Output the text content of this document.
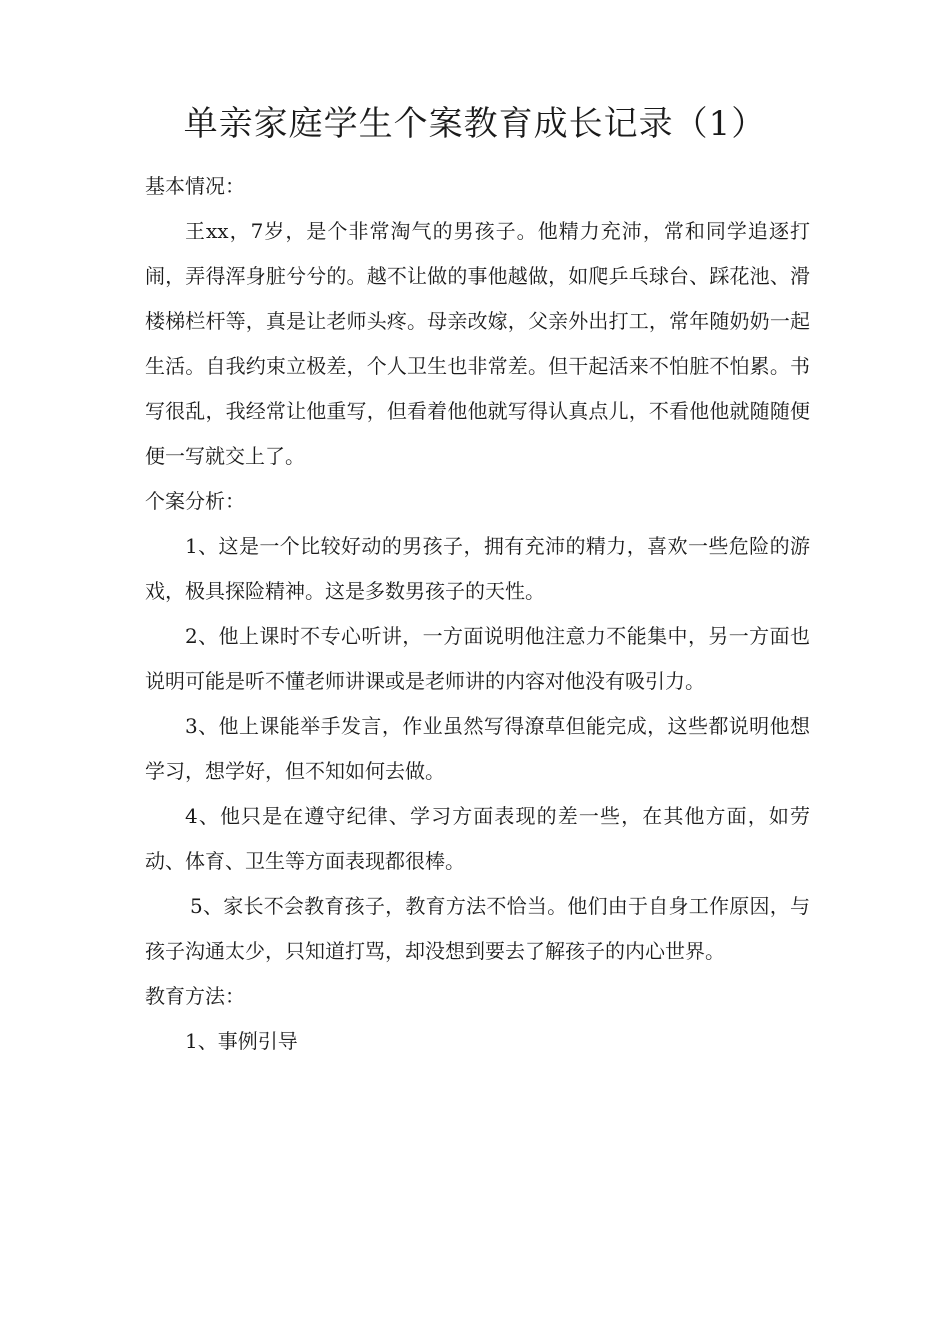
单亲家庭学生个案教育成长记录（1）

基本情况：

王xx，7岁，是个非常淘气的男孩子。他精力充沛，常和同学追逐打闹，弄得浑身脏兮兮的。越不让做的事他越做，如爬乒乓球台、踩花池、滑楼梯栏杆等，真是让老师头疼。母亲改嫁，父亲外出打工，常年随奶奶一起生活。自我约束立极差，个人卫生也非常差。但干起活来不怕脏不怕累。书写很乱，我经常让他重写，但看着他他就写得认真点儿，不看他他就随随便便一写就交上了。

个案分析：

1、这是一个比较好动的男孩子，拥有充沛的精力，喜欢一些危险的游戏，极具探险精神。这是多数男孩子的天性。

2、他上课时不专心听讲，一方面说明他注意力不能集中，另一方面也说明可能是听不懂老师讲课或是老师讲的内容对他没有吸引力。

3、他上课能举手发言，作业虽然写得潦草但能完成，这些都说明他想学习，想学好，但不知如何去做。

4、他只是在遵守纪律、学习方面表现的差一些，在其他方面，如劳动、体育、卫生等方面表现都很棒。

5、家长不会教育孩子，教育方法不恰当。他们由于自身工作原因，与孩子沟通太少，只知道打骂，却没想到要去了解孩子的内心世界。

教育方法：

1、事例引导
